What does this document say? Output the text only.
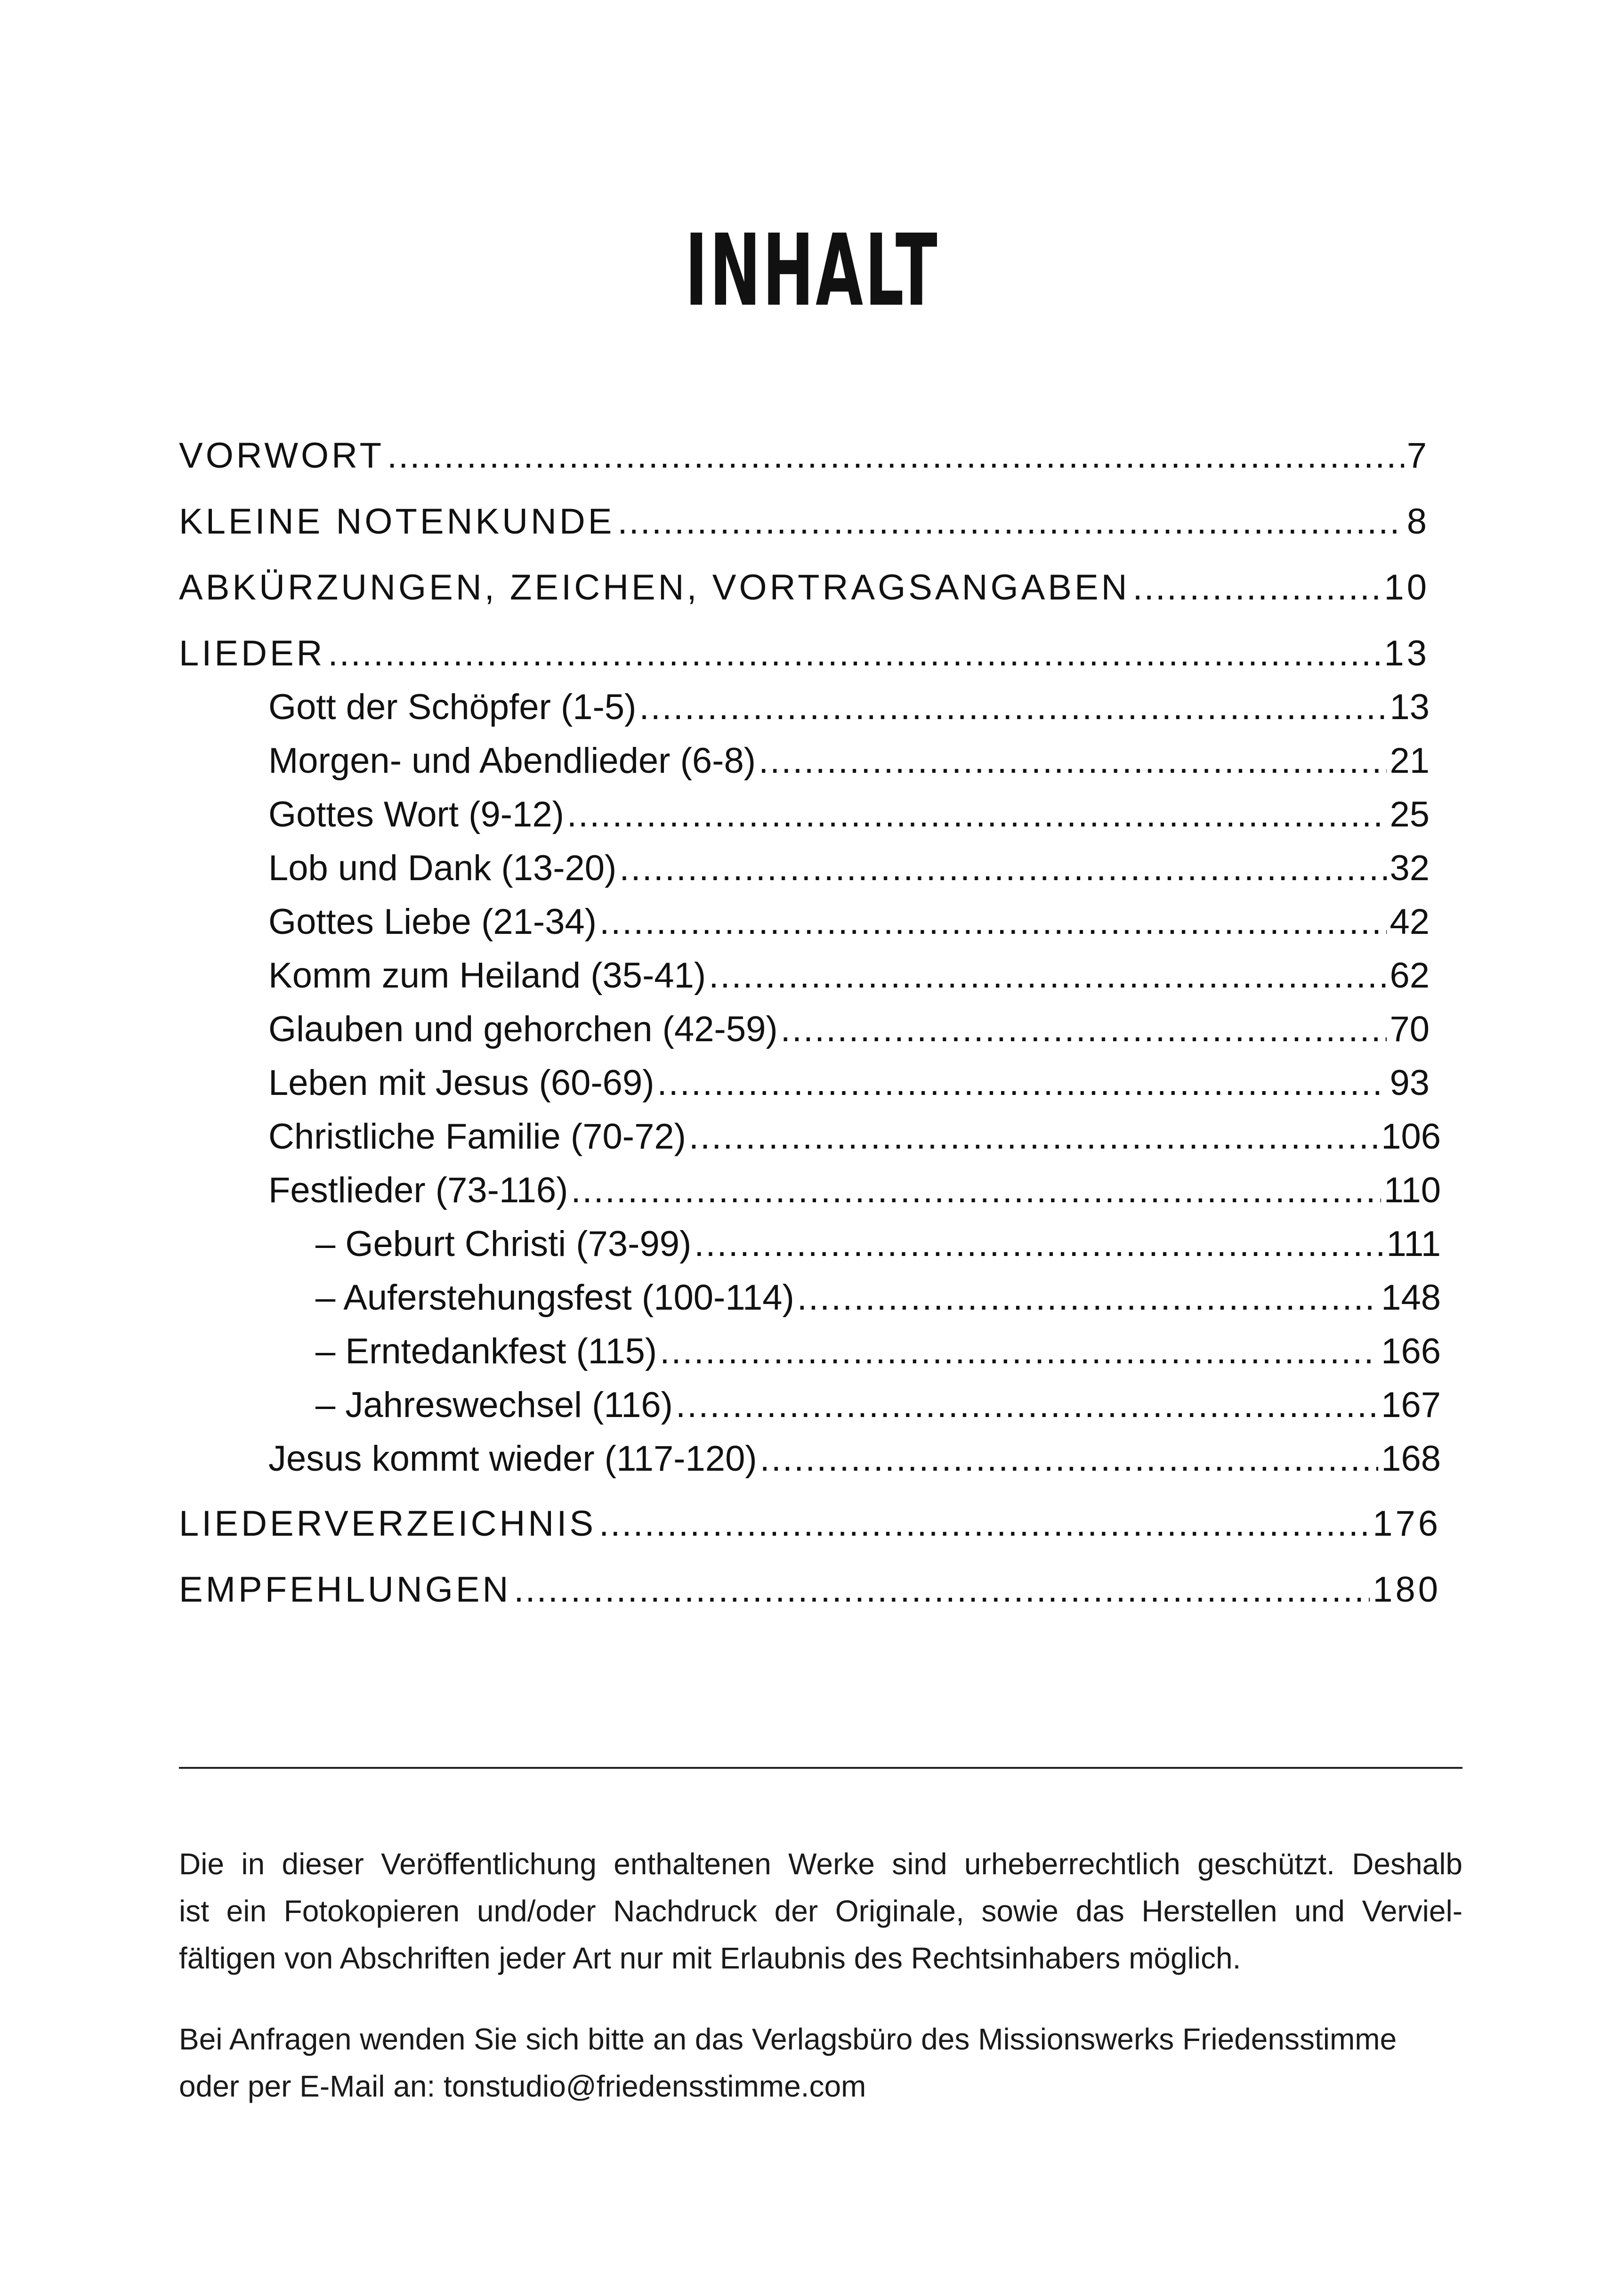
INHALT
VORWORT .....	7
KLEINE NOTENKUNDE .....	8
ABKÜRZUNGEN, ZEICHEN, VORTRAGSANGABEN .....	10
LIEDER .....	13
Gott der Schöpfer (1-5) .....	13
Morgen- und Abendlieder (6-8) .....	21
Gottes Wort (9-12) .....	25
Lob und Dank (13-20) .....	32
Gottes Liebe (21-34) .....	42
Komm zum Heiland (35-41) .....	62
Glauben und gehorchen (42-59) .....	70
Leben mit Jesus (60-69) .....	93
Christliche Familie (70-72) .....	106
Festlieder (73-116) .....	110
– Geburt Christi (73-99) .....	111
– Auferstehungsfest (100-114) .....	148
– Erntedankfest (115) .....	166
– Jahreswechsel (116) .....	167
Jesus kommt wieder (117-120) .....	168
LIEDERVERZEICHNIS .....	176
EMPFEHLUNGEN .....	180
Die in dieser Veröffentlichung enthaltenen Werke sind urheberrechtlich geschützt. Deshalb
ist ein Fotokopieren und/oder Nachdruck der Originale, sowie das Herstellen und Verviel-
fältigen von Abschriften jeder Art nur mit Erlaubnis des Rechtsinhabers möglich.
Bei Anfragen wenden Sie sich bitte an das Verlagsbüro des Missionswerks Friedensstimme
oder per E-Mail an: tonstudio@friedensstimme.com
